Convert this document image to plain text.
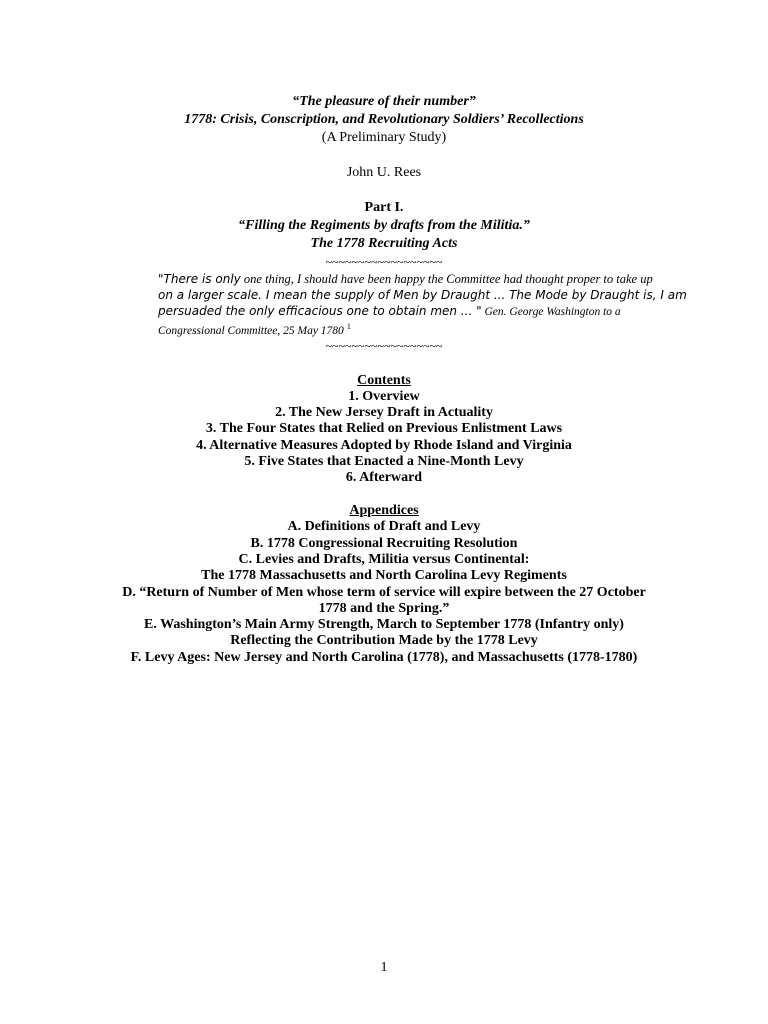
“The pleasure of their number”
1778: Crisis, Conscription, and Revolutionary Soldiers’ Recollections
(A Preliminary Study)
John U. Rees
Part I.
“Filling the Regiments by drafts from the Militia.”
The 1778 Recruiting Acts
~~~~~~~~~~~~~~~~~~
"There is only one thing, I should have been happy the Committee had thought proper to take up
on a larger scale. I mean the supply of Men by Draught ... The Mode by Draught is, I am
persuaded the only efficacious one to obtain men ... " Gen. George Washington to a
Congressional Committee, 25 May 1780 $^1$
~~~~~~~~~~~~~~~~~~
Contents
1. Overview
2. The New Jersey Draft in Actuality
3. The Four States that Relied on Previous Enlistment Laws
4. Alternative Measures Adopted by Rhode Island and Virginia
5. Five States that Enacted a Nine-Month Levy
6. Afterward
Appendices
A. Definitions of Draft and Levy
B. 1778 Congressional Recruiting Resolution
C. Levies and Drafts, Militia versus Continental:
The 1778 Massachusetts and North Carolina Levy Regiments
D. “Return of Number of Men whose term of service will expire between the 27 October
1778 and the Spring.”
E. Washington’s Main Army Strength, March to September 1778 (Infantry only)
Reflecting the Contribution Made by the 1778 Levy
F. Levy Ages: New Jersey and North Carolina (1778), and Massachusetts (1778-1780)
1
